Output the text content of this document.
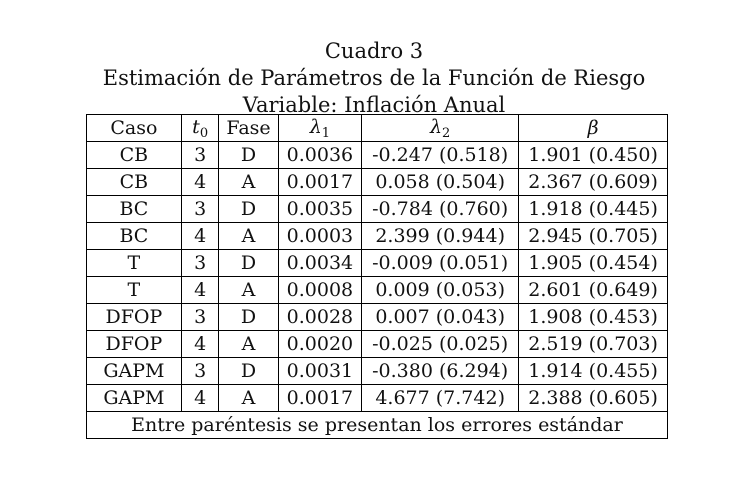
Cuadro 3
Estimación de Parámetros de la Función de Riesgo
Variable: Inflación Anual
Caso	$t_0$	Fase	$\lambda_1$	$\lambda_2$	β
CB	3	D	0.0036	-0.247 (0.518)	1.901 (0.450)
CB	4	A	0.0017	0.058 (0.504)	2.367 (0.609)
BC	3	D	0.0035	-0.784 (0.760)	1.918 (0.445)
BC	4	A	0.0003	2.399 (0.944)	2.945 (0.705)
T	3	D	0.0034	-0.009 (0.051)	1.905 (0.454)
T	4	A	0.0008	0.009 (0.053)	2.601 (0.649)
DFOP	3	D	0.0028	0.007 (0.043)	1.908 (0.453)
DFOP	4	A	0.0020	-0.025 (0.025)	2.519 (0.703)
GAPM	3	D	0.0031	-0.380 (6.294)	1.914 (0.455)
GAPM	4	A	0.0017	4.677 (7.742)	2.388 (0.605)
Entre paréntesis se presentan los errores estándar					
